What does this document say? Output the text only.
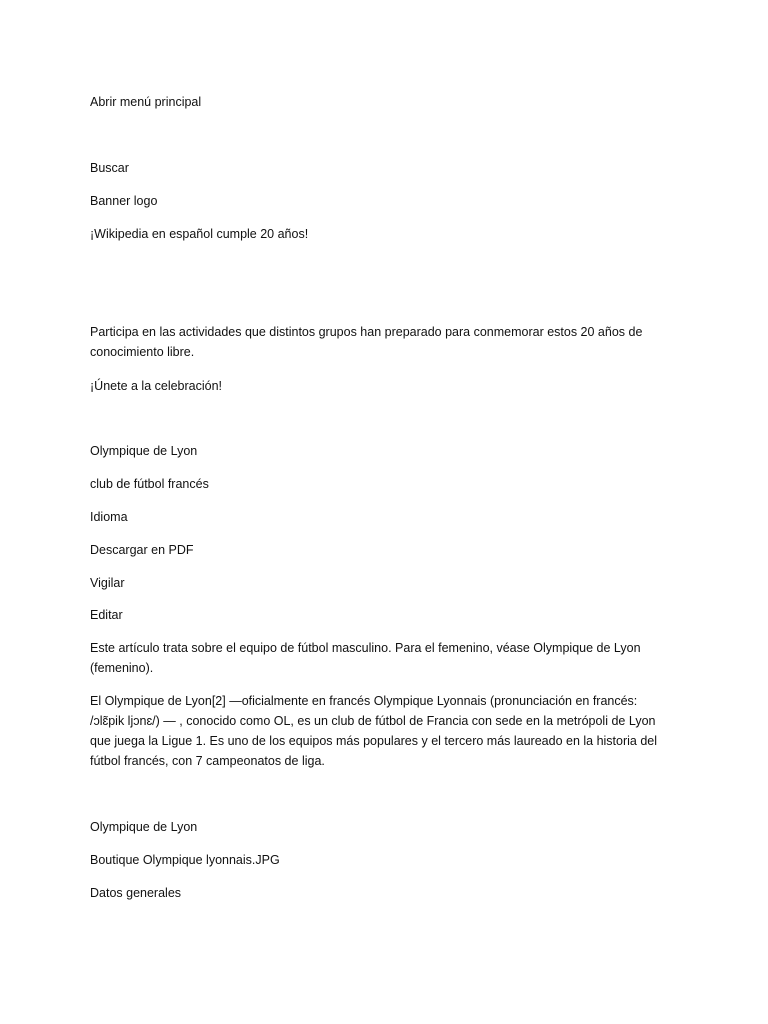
Abrir menú principal
Buscar
Banner logo
¡Wikipedia en español cumple 20 años!
Participa en las actividades que distintos grupos han preparado para conmemorar estos 20 años de
conocimiento libre.
¡Únete a la celebración!
Olympique de Lyon
club de fútbol francés
Idioma
Descargar en PDF
Vigilar
Editar
Este artículo trata sobre el equipo de fútbol masculino. Para el femenino, véase Olympique de Lyon
(femenino).
El Olympique de Lyon[2] —oficialmente en francés Olympique Lyonnais (pronunciación en francés:
/ɔlɛ̃pik ljɔnɛ/) — , conocido como OL, es un club de fútbol de Francia con sede en la metrópoli de Lyon
que juega la Ligue 1. Es uno de los equipos más populares y el tercero más laureado en la historia del
fútbol francés, con 7 campeonatos de liga.
Olympique de Lyon
Boutique Olympique lyonnais.JPG
Datos generales
